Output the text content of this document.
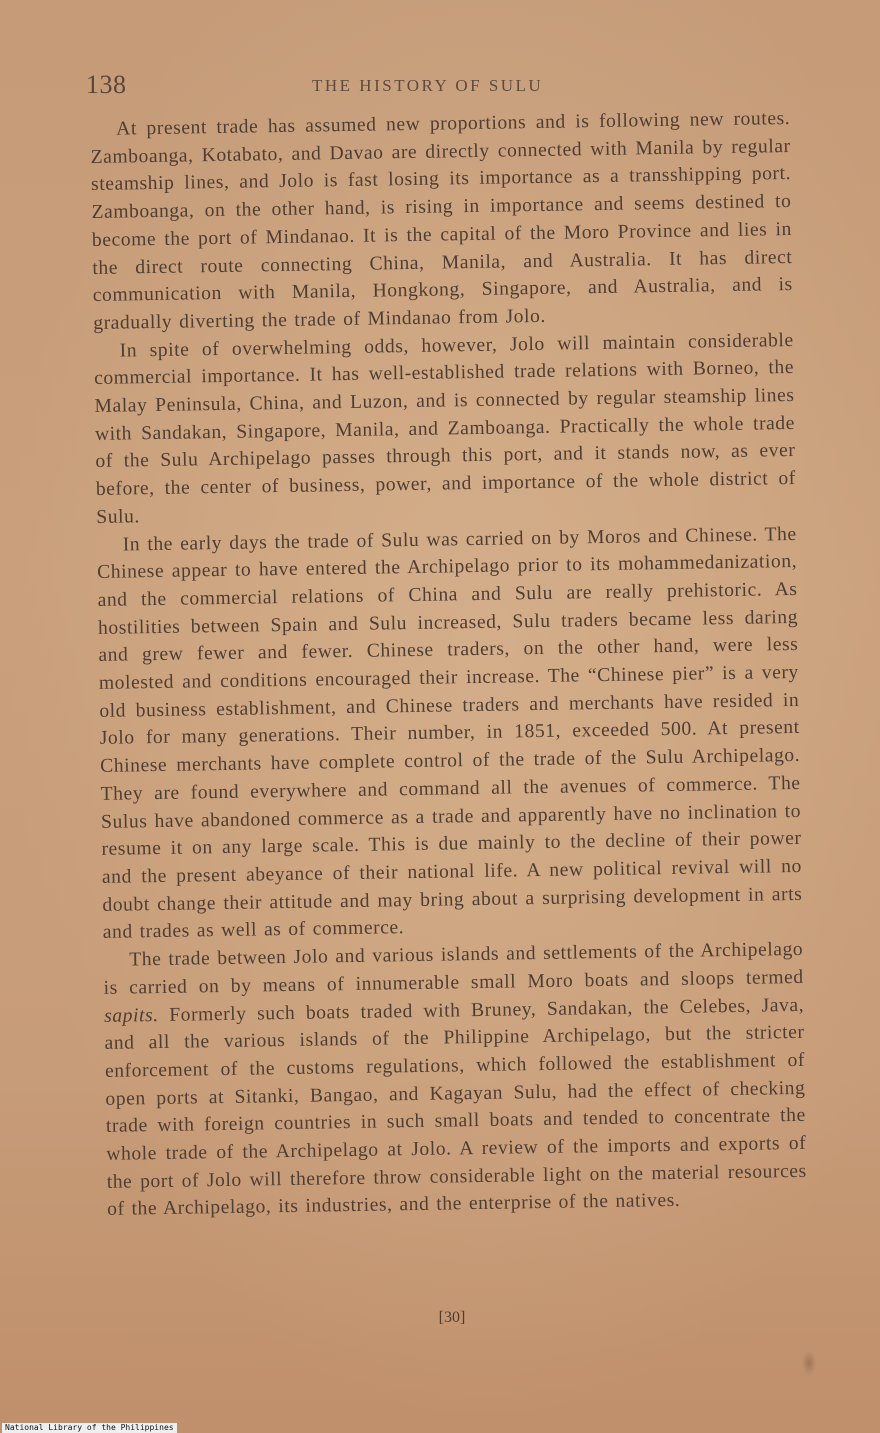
138	THE HISTORY OF SULU

At present trade has assumed new proportions and is following new routes. Zamboanga, Kotabato, and Davao are directly connected with Manila by regular steamship lines, and Jolo is fast losing its importance as a transshipping port. Zamboanga, on the other hand, is rising in importance and seems destined to become the port of Mindanao. It is the capital of the Moro Province and lies in the direct route connecting China, Manila, and Australia. It has direct communication with Manila, Hongkong, Singapore, and Australia, and is gradually diverting the trade of Mindanao from Jolo.

In spite of overwhelming odds, however, Jolo will maintain considerable commercial importance. It has well-established trade relations with Borneo, the Malay Peninsula, China, and Luzon, and is connected by regular steamship lines with Sandakan, Singapore, Manila, and Zamboanga. Practically the whole trade of the Sulu Archipelago passes through this port, and it stands now, as ever before, the center of business, power, and importance of the whole district of Sulu.

In the early days the trade of Sulu was carried on by Moros and Chinese. The Chinese appear to have entered the Archipelago prior to its mohammedanization, and the commercial relations of China and Sulu are really prehistoric. As hostilities between Spain and Sulu increased, Sulu traders became less daring and grew fewer and fewer. Chinese traders, on the other hand, were less molested and conditions encouraged their increase. The “Chinese pier” is a very old business establishment, and Chinese traders and merchants have resided in Jolo for many generations. Their number, in 1851, exceeded 500. At present Chinese merchants have complete control of the trade of the Sulu Archipelago. They are found everywhere and command all the avenues of commerce. The Sulus have abandoned commerce as a trade and apparently have no inclination to resume it on any large scale. This is due mainly to the decline of their power and the present abeyance of their national life. A new political revival will no doubt change their attitude and may bring about a surprising development in arts and trades as well as of commerce.

The trade between Jolo and various islands and settlements of the Archipelago is carried on by means of innumerable small Moro boats and sloops termed sapits. Formerly such boats traded with Bruney, Sandakan, the Celebes, Java, and all the various islands of the Philippine Archipelago, but the stricter enforcement of the customs regulations, which followed the establishment of open ports at Sitanki, Bangao, and Kagayan Sulu, had the effect of checking trade with foreign countries in such small boats and tended to concentrate the whole trade of the Archipelago at Jolo. A review of the imports and exports of the port of Jolo will therefore throw considerable light on the material resources of the Archipelago, its industries, and the enterprise of the natives.

[30]
National Library of the Philippines
